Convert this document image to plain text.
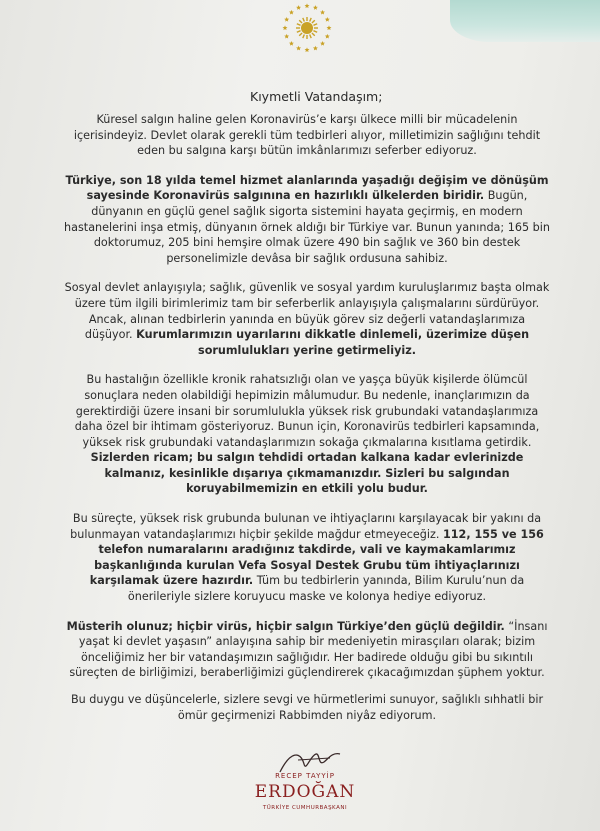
Kıymetli Vatandaşım;

Küresel salgın haline gelen Koronavirüs’e karşı ülkece milli bir mücadelenin içerisindeyiz. Devlet olarak gerekli tüm tedbirleri alıyor, milletimizin sağlığını tehdit eden bu salgına karşı bütün imkânlarımızı seferber ediyoruz.

Türkiye, son 18 yılda temel hizmet alanlarında yaşadığı değişim ve dönüşüm sayesinde Koronavirüs salgınına en hazırlıklı ülkelerden biridir. Bugün, dünyanın en güçlü genel sağlık sigorta sistemini hayata geçirmiş, en modern hastanelerini inşa etmiş, dünyanın örnek aldığı bir Türkiye var. Bunun yanında; 165 bin doktorumuz, 205 bini hemşire olmak üzere 490 bin sağlık ve 360 bin destek personelimizle devâsa bir sağlık ordusuna sahibiz.

Sosyal devlet anlayışıyla; sağlık, güvenlik ve sosyal yardım kuruluşlarımız başta olmak üzere tüm ilgili birimlerimiz tam bir seferberlik anlayışıyla çalışmalarını sürdürüyor. Ancak, alınan tedbirlerin yanında en büyük görev siz değerli vatandaşlarımıza düşüyor. Kurumlarımızın uyarılarını dikkatle dinlemeli, üzerimize düşen sorumlulukları yerine getirmeliyiz.

Bu hastalığın özellikle kronik rahatsızlığı olan ve yaşça büyük kişilerde ölümcül sonuçlara neden olabildiği hepimizin mâlumudur. Bu nedenle, inançlarımızın da gerektirdiği üzere insani bir sorumlulukla yüksek risk grubundaki vatandaşlarımıza daha özel bir ihtimam gösteriyoruz. Bunun için, Koronavirüs tedbirleri kapsamında, yüksek risk grubundaki vatandaşlarımızın sokağa çıkmalarına kısıtlama getirdik. Sizlerden ricam; bu salgın tehdidi ortadan kalkana kadar evlerinizde kalmanız, kesinlikle dışarıya çıkmamanızdır. Sizleri bu salgından koruyabilmemizin en etkili yolu budur.

Bu süreçte, yüksek risk grubunda bulunan ve ihtiyaçlarını karşılayacak bir yakını da bulunmayan vatandaşlarımızı hiçbir şekilde mağdur etmeyeceğiz. 112, 155 ve 156 telefon numaralarını aradığınız takdirde, vali ve kaymakamlarımız başkanlığında kurulan Vefa Sosyal Destek Grubu tüm ihtiyaçlarınızı karşılamak üzere hazırdır. Tüm bu tedbirlerin yanında, Bilim Kurulu’nun da önerileriyle sizlere koruyucu maske ve kolonya hediye ediyoruz.

Müsterih olunuz; hiçbir virüs, hiçbir salgın Türkiye’den güçlü değildir. “İnsanı yaşat ki devlet yaşasın” anlayışına sahip bir medeniyetin mirasçıları olarak; bizim önceliğimiz her bir vatandaşımızın sağlığıdır. Her badirede olduğu gibi bu sıkıntılı süreçten de birliğimizi, beraberliğimizi güçlendirerek çıkacağımızdan şüphem yoktur.

Bu duygu ve düşüncelerle, sizlere sevgi ve hürmetlerimi sunuyor, sağlıklı sıhhatli bir ömür geçirmenizi Rabbimden niyâz ediyorum.
RECEP TAYYİP
ERDOĞAN
TÜRKİYE CUMHURBAŞKANI
